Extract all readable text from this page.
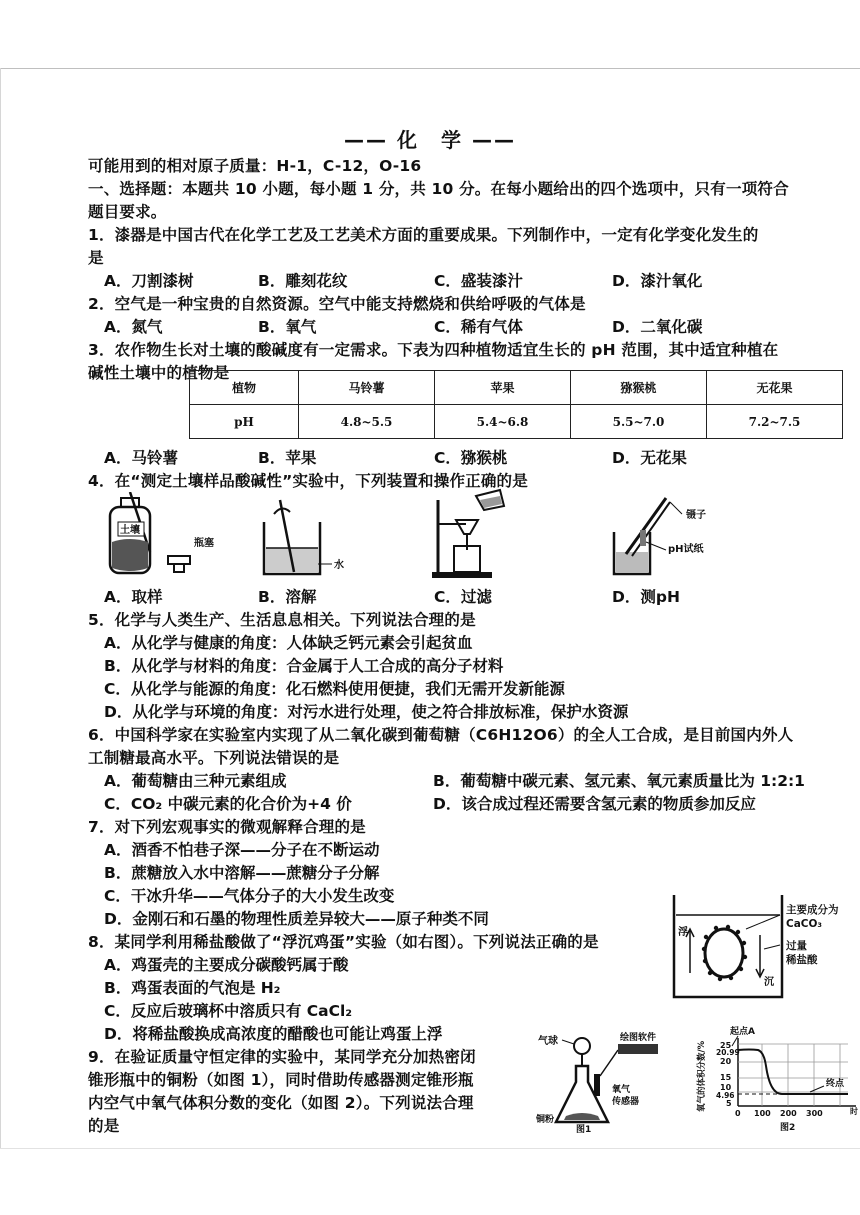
—— 化　学 ——
可能用到的相对原子质量：H-1，C-12，O-16
一、选择题：本题共 10 小题，每小题 1 分，共 10 分。在每小题给出的四个选项中，只有一项符合
题目要求。
1．漆器是中国古代在化学工艺及工艺美术方面的重要成果。下列制作中，一定有化学变化发生的
是
A．刀割漆树	B．雕刻花纹	C．盛装漆汁	D．漆汁氧化
2．空气是一种宝贵的自然资源。空气中能支持燃烧和供给呼吸的气体是
A．氮气	B．氧气	C．稀有气体	D．二氧化碳
3．农作物生长对土壤的酸碱度有一定需求。下表为四种植物适宜生长的 pH 范围，其中适宜种植在
碱性土壤中的植物是
植物	马铃薯	苹果	猕猴桃	无花果
pH	4.8~5.5	5.4~6.8	5.5~7.0	7.2~7.5
A．马铃薯	B．苹果	C．猕猴桃	D．无花果
4．在“测定土壤样品酸碱性”实验中，下列装置和操作正确的是
土壤
瓶塞
水
镊子
pH试纸
A．取样	B．溶解	C．过滤	D．测pH
5．化学与人类生产、生活息息相关。下列说法合理的是
A．从化学与健康的角度：人体缺乏钙元素会引起贫血
B．从化学与材料的角度：合金属于人工合成的高分子材料
C．从化学与能源的角度：化石燃料使用便捷，我们无需开发新能源
D．从化学与环境的角度：对污水进行处理，使之符合排放标准，保护水资源
6．中国科学家在实验室内实现了从二氧化碳到葡萄糖（C6H12O6）的全人工合成，是目前国内外人
工制糖最高水平。下列说法错误的是
A．葡萄糖由三种元素组成	B．葡萄糖中碳元素、氢元素、氧元素质量比为 1:2:1
C．CO₂ 中碳元素的化合价为+4 价	D．该合成过程还需要含氢元素的物质参加反应
7．对下列宏观事实的微观解释合理的是
A．酒香不怕巷子深——分子在不断运动
B．蔗糖放入水中溶解——蔗糖分子分解
C．干冰升华——气体分子的大小发生改变
D．金刚石和石墨的物理性质差异较大——原子种类不同
8．某同学利用稀盐酸做了“浮沉鸡蛋”实验（如右图）。下列说法正确的是
A．鸡蛋壳的主要成分碳酸钙属于酸
B．鸡蛋表面的气泡是 H₂
C．反应后玻璃杯中溶质只有 CaCl₂
D．将稀盐酸换成高浓度的醋酸也可能让鸡蛋上浮
浮
沉
主要成分为
CaCO₃
过量
稀盐酸
9．在验证质量守恒定律的实验中，某同学充分加热密闭
锥形瓶中的铜粉（如图 1），同时借助传感器测定锥形瓶
内空气中氧气体积分数的变化（如图 2）。下列说法合理
的是
气球	绘图软件
氧气
传感器
铜粉
图1
起点A
氧气的体积分数/%	终点
25
20.99
20
15
10
4.96
5
0 100 200 300	时
图2
